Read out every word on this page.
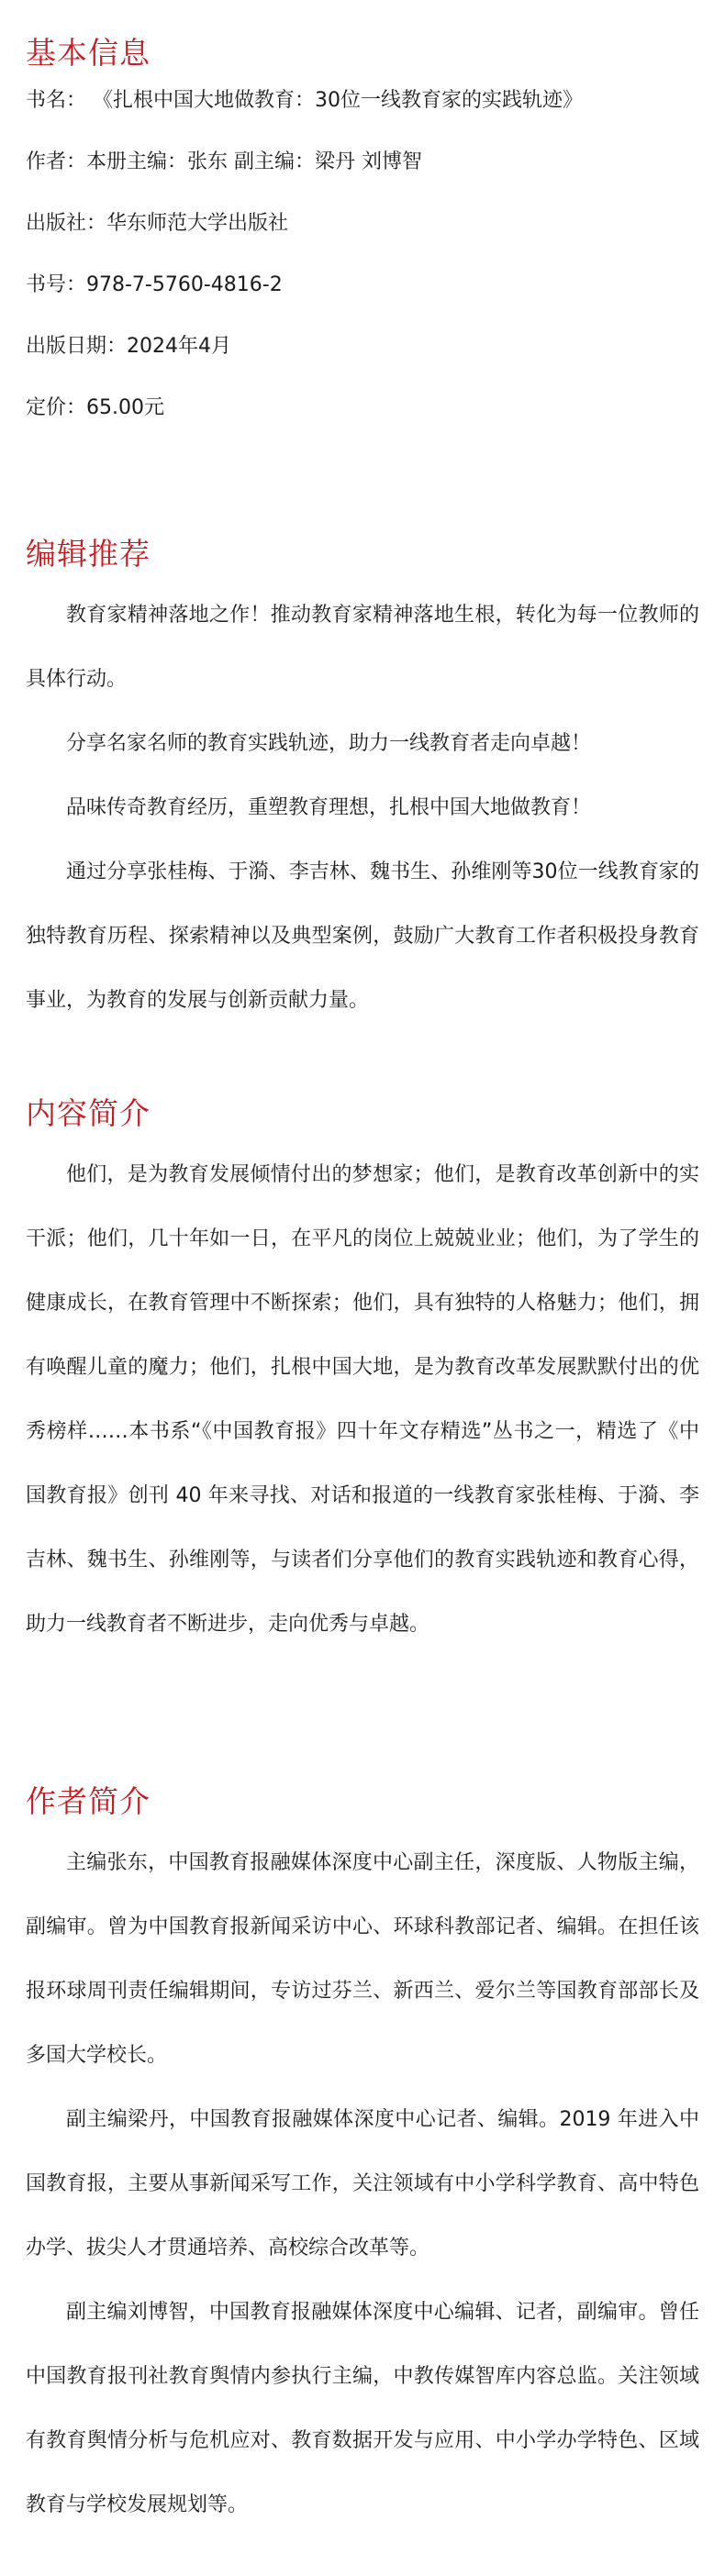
基本信息

书名： 《扎根中国大地做教育：30位一线教育家的实践轨迹》

作者：本册主编：张东 副主编：梁丹 刘博智

出版社：华东师范大学出版社

书号：978-7-5760-4816-2

出版日期：2024年4月

定价：65.00元

编辑推荐

教育家精神落地之作！推动教育家精神落地生根，转化为每一位教师的具体行动。

分享名家名师的教育实践轨迹，助力一线教育者走向卓越！

品味传奇教育经历，重塑教育理想，扎根中国大地做教育！

通过分享张桂梅、于漪、李吉林、魏书生、孙维刚等30位一线教育家的独特教育历程、探索精神以及典型案例，鼓励广大教育工作者积极投身教育事业，为教育的发展与创新贡献力量。

内容简介

他们，是为教育发展倾情付出的梦想家；他们，是教育改革创新中的实干派；他们，几十年如一日，在平凡的岗位上兢兢业业；他们，为了学生的健康成长，在教育管理中不断探索；他们，具有独特的人格魅力；他们，拥有唤醒儿童的魔力；他们，扎根中国大地，是为教育改革发展默默付出的优秀榜样……本书系“《中国教育报》四十年文存精选”丛书之一，精选了《中国教育报》创刊 40 年来寻找、对话和报道的一线教育家张桂梅、于漪、李吉林、魏书生、孙维刚等，与读者们分享他们的教育实践轨迹和教育心得，助力一线教育者不断进步，走向优秀与卓越。

作者简介

主编张东，中国教育报融媒体深度中心副主任，深度版、人物版主编，副编审。曾为中国教育报新闻采访中心、环球科教部记者、编辑。在担任该报环球周刊责任编辑期间，专访过芬兰、新西兰、爱尔兰等国教育部部长及多国大学校长。

副主编梁丹，中国教育报融媒体深度中心记者、编辑。2019 年进入中国教育报，主要从事新闻采写工作，关注领域有中小学科学教育、高中特色办学、拔尖人才贯通培养、高校综合改革等。

副主编刘博智，中国教育报融媒体深度中心编辑、记者，副编审。曾任中国教育报刊社教育舆情内参执行主编，中教传媒智库内容总监。关注领域有教育舆情分析与危机应对、教育数据开发与应用、中小学办学特色、区域教育与学校发展规划等。
